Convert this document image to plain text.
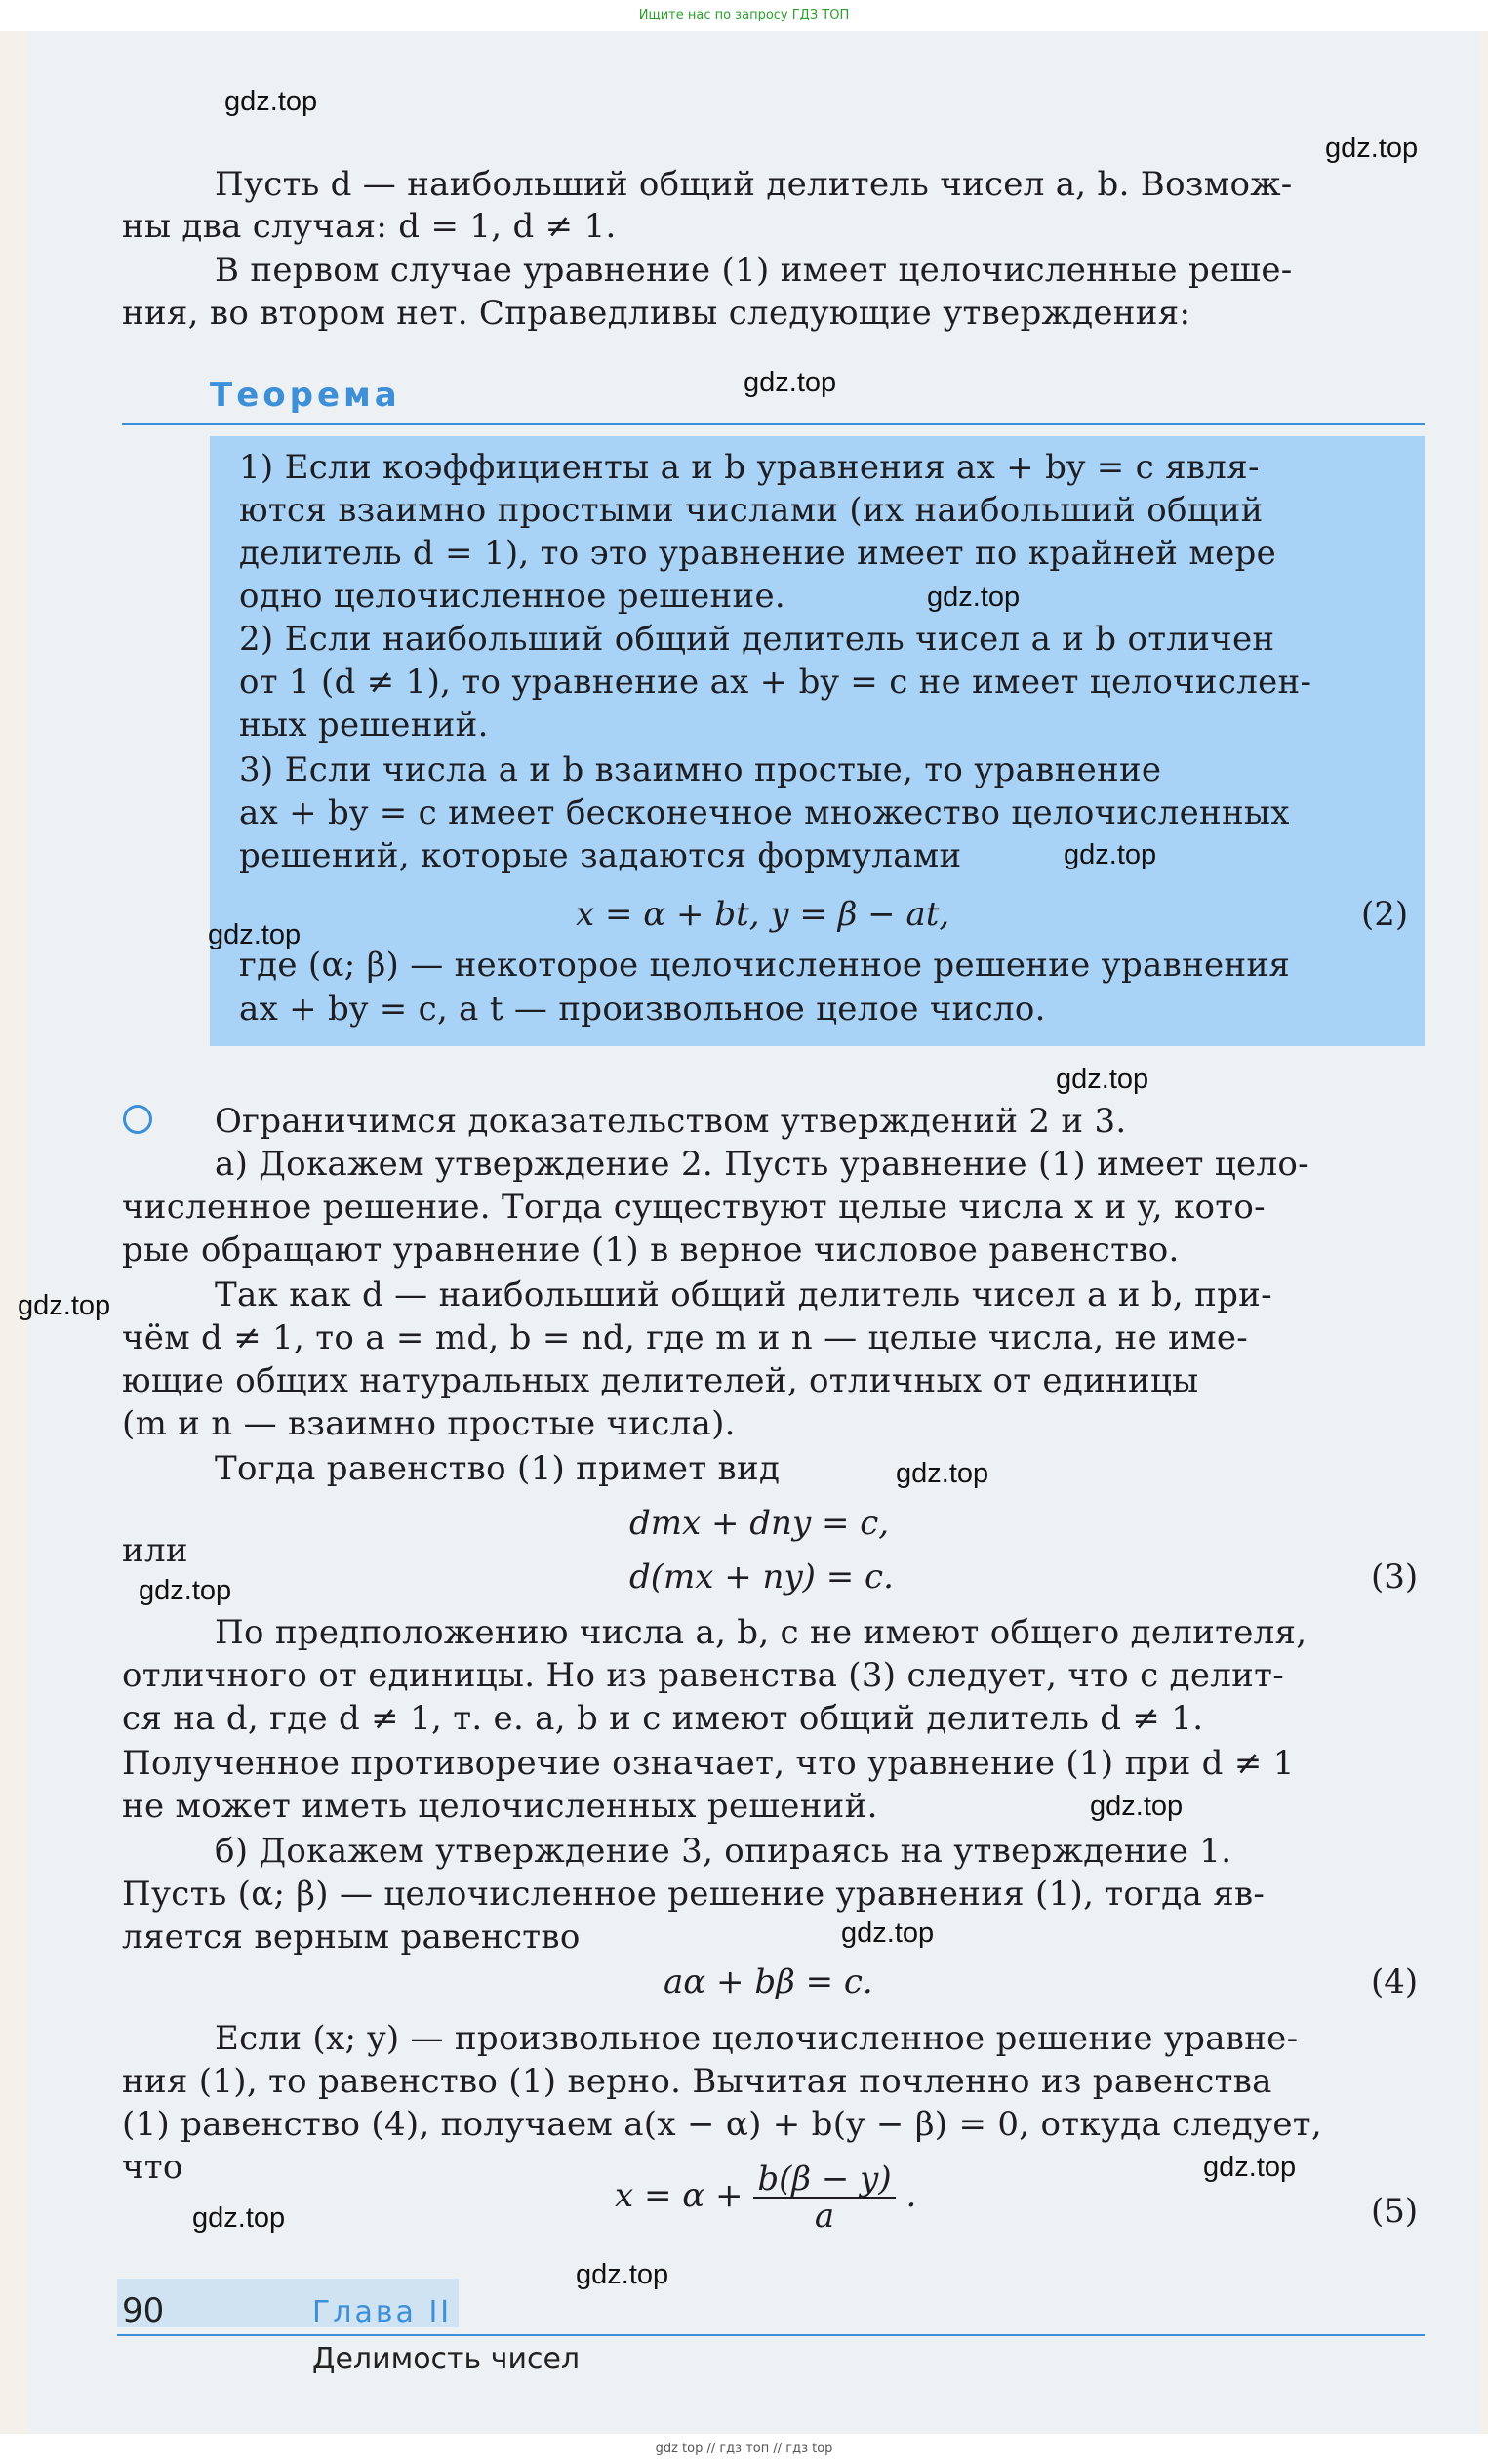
Ищите нас по запросу ГДЗ ТОП
Пусть d — наибольший общий делитель чисел a, b. Возмож-
ны два случая: d = 1, d ≠ 1.
В первом случае уравнение (1) имеет целочисленные реше-
ния, во втором нет. Справедливы следующие утверждения:
Теорема
1) Если коэффициенты a и b уравнения ax + by = c явля-
ются взаимно простыми числами (их наибольший общий
делитель d = 1), то это уравнение имеет по крайней мере
одно целочисленное решение.
2) Если наибольший общий делитель чисел a и b отличен
от 1 (d ≠ 1), то уравнение ax + by = c не имеет целочислен-
ных решений.
3) Если числа a и b взаимно простые, то уравнение
ax + by = c имеет бесконечное множество целочисленных
решений, которые задаются формулами
x = α + bt, y = β − at,	(2)
где (α; β) — некоторое целочисленное решение уравнения
ax + by = c, а t — произвольное целое число.
Ограничимся доказательством утверждений 2 и 3.
а) Докажем утверждение 2. Пусть уравнение (1) имеет цело-
численное решение. Тогда существуют целые числа x и y, кото-
рые обращают уравнение (1) в верное числовое равенство.
Так как d — наибольший общий делитель чисел a и b, при-
чём d ≠ 1, то a = md, b = nd, где m и n — целые числа, не име-
ющие общих натуральных делителей, отличных от единицы
(m и n — взаимно простые числа).
Тогда равенство (1) примет вид
dmx + dny = c,
или
d(mx + ny) = c.	(3)
По предположению числа a, b, c не имеют общего делителя,
отличного от единицы. Но из равенства (3) следует, что c делит-
ся на d, где d ≠ 1, т. е. a, b и c имеют общий делитель d ≠ 1.
Полученное противоречие означает, что уравнение (1) при d ≠ 1
не может иметь целочисленных решений.
б) Докажем утверждение 3, опираясь на утверждение 1.
Пусть (α; β) — целочисленное решение уравнения (1), тогда яв-
ляется верным равенство
aα + bβ = c.	(4)
Если (x; y) — произвольное целочисленное решение уравне-
ния (1), то равенство (1) верно. Вычитая почленно из равенства
(1) равенство (4), получаем a(x − α) + b(y − β) = 0, откуда следует,
что
$x = \alpha + \frac{b(\beta - y)}{a}$ .	(5)
90	Глава II
Делимость чисел
gdz.top
gdz.top
gdz.top
gdz.top
gdz.top
gdz.top
gdz.top
gdz.top
gdz.top
gdz.top
gdz.top
gdz.top
gdz.top
gdz.top
gdz.top
gdz top // гдз топ // гдз top
